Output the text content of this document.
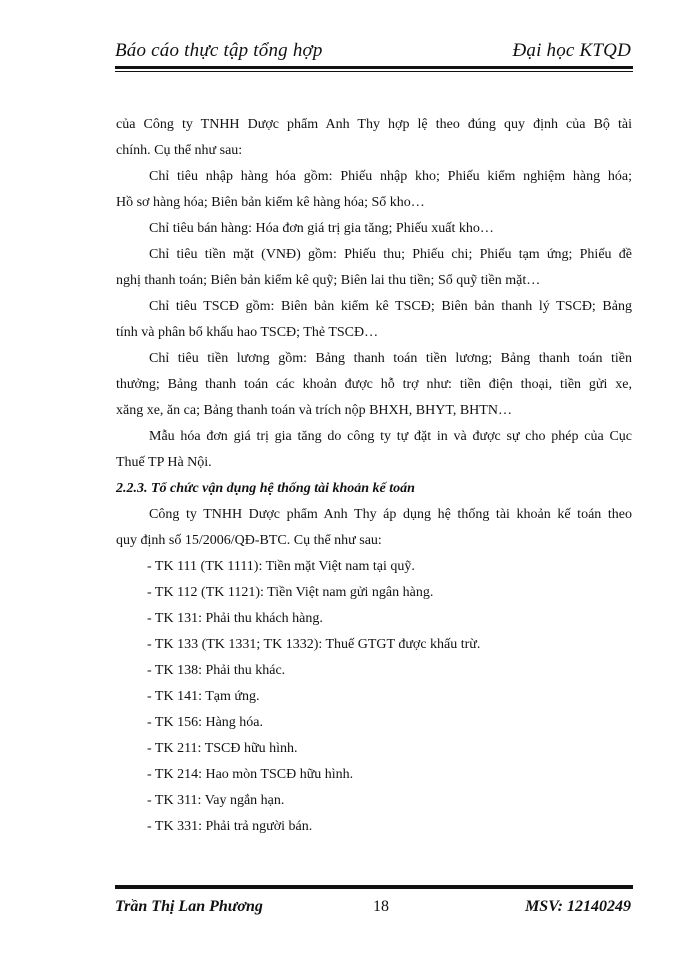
Báo cáo thực tập tổng hợp	Đại học KTQD
của Công ty TNHH Dược phẩm Anh Thy hợp lệ theo đúng quy định của Bộ tài
chính. Cụ thể như sau:
Chỉ tiêu nhập hàng hóa gồm: Phiếu nhập kho; Phiếu kiểm nghiệm hàng hóa;
Hồ sơ hàng hóa; Biên bản kiểm kê hàng hóa; Sổ kho…
Chỉ tiêu bán hàng: Hóa đơn giá trị gia tăng; Phiếu xuất kho…
Chỉ tiêu tiền mặt (VNĐ) gồm: Phiếu thu; Phiếu chi; Phiếu tạm ứng; Phiếu đề
nghị thanh toán; Biên bản kiểm kê quỹ; Biên lai thu tiền; Sổ quỹ tiền mặt…
Chỉ tiêu TSCĐ gồm: Biên bản kiểm kê TSCĐ; Biên bản thanh lý TSCĐ; Bảng
tính và phân bổ khấu hao TSCĐ; Thẻ TSCĐ…
Chỉ tiêu tiền lương gồm: Bảng thanh toán tiền lương; Bảng thanh toán tiền
thưởng; Bảng thanh toán các khoản được hỗ trợ như: tiền điện thoại, tiền gửi xe,
xăng xe, ăn ca; Bảng thanh toán và trích nộp BHXH, BHYT, BHTN…
Mẫu hóa đơn giá trị gia tăng do công ty tự đặt in và được sự cho phép của Cục
Thuế TP Hà Nội.
2.2.3. Tổ chức vận dụng hệ thống tài khoản kế toán
Công ty TNHH Dược phẩm Anh Thy áp dụng hệ thống tài khoản kế toán theo
quy định số 15/2006/QĐ-BTC. Cụ thể như sau:
- TK 111 (TK 1111): Tiền mặt Việt nam tại quỹ.
- TK 112 (TK 1121): Tiền Việt nam gửi ngân hàng.
- TK 131: Phải thu khách hàng.
- TK 133 (TK 1331; TK 1332): Thuế GTGT được khấu trừ.
- TK 138: Phải thu khác.
- TK 141: Tạm ứng.
- TK 156: Hàng hóa.
- TK 211: TSCĐ hữu hình.
- TK 214: Hao mòn TSCĐ hữu hình.
- TK 311: Vay ngắn hạn.
- TK 331: Phải trả người bán.
Trần Thị Lan Phương	18	MSV: 12140249
